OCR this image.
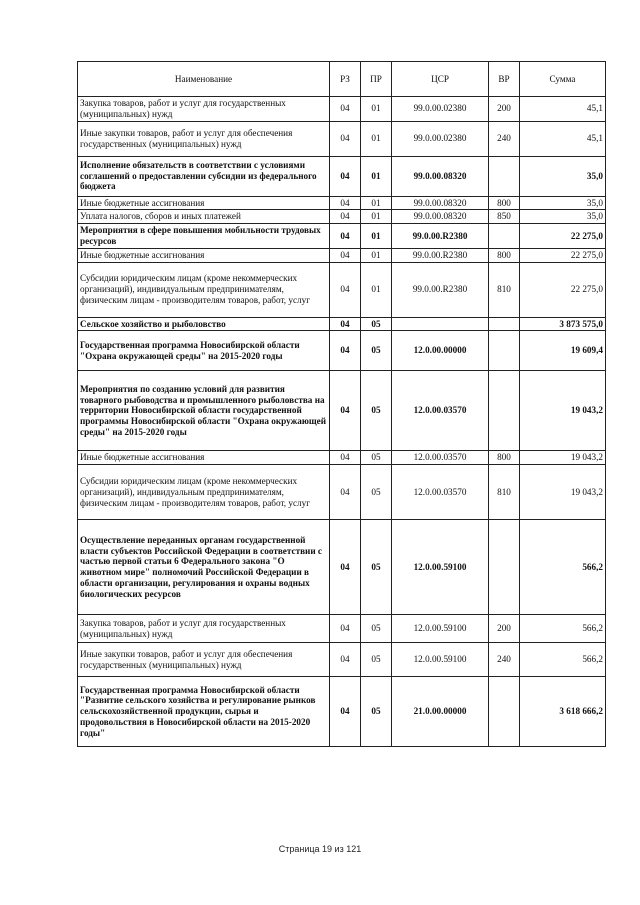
Наименование	РЗ	ПР	ЦСР	ВР	Сумма
Закупка товаров, работ и услуг для государственных (муниципальных) нужд	04	01	99.0.00.02380	200	45,1
Иные закупки товаров, работ и услуг для обеспечения государственных (муниципальных) нужд	04	01	99.0.00.02380	240	45,1
Исполнение обязательств в соответствии с условиями соглашений о предоставлении субсидии из федерального бюджета	04	01	99.0.00.08320		35,0
Иные бюджетные ассигнования	04	01	99.0.00.08320	800	35,0
Уплата налогов, сборов и иных платежей	04	01	99.0.00.08320	850	35,0
Мероприятия в сфере повышения мобильности трудовых ресурсов	04	01	99.0.00.R2380		22 275,0
Иные бюджетные ассигнования	04	01	99.0.00.R2380	800	22 275,0
Субсидии юридическим лицам (кроме некоммерческих организаций), индивидуальным предпринимателям, физическим лицам - производителям товаров, работ, услуг	04	01	99.0.00.R2380	810	22 275,0
Сельское хозяйство и рыболовство	04	05			3 873 575,0
Государственная программа Новосибирской области "Охрана окружающей среды" на 2015-2020 годы	04	05	12.0.00.00000		19 609,4
Мероприятия по созданию условий для развития товарного рыбоводства и промышленного рыболовства на территории Новосибирской области государственной программы Новосибирской области "Охрана окружающей среды" на 2015-2020 годы	04	05	12.0.00.03570		19 043,2
Иные бюджетные ассигнования	04	05	12.0.00.03570	800	19 043,2
Субсидии юридическим лицам (кроме некоммерческих организаций), индивидуальным предпринимателям, физическим лицам - производителям товаров, работ, услуг	04	05	12.0.00.03570	810	19 043,2
Осуществление переданных органам государственной власти субъектов Российской Федерации в соответствии с частью первой статьи 6 Федерального закона "О животном мире" полномочий Российской Федерации в области организации, регулирования и охраны водных биологических ресурсов	04	05	12.0.00.59100		566,2
Закупка товаров, работ и услуг для государственных (муниципальных) нужд	04	05	12.0.00.59100	200	566,2
Иные закупки товаров, работ и услуг для обеспечения государственных (муниципальных) нужд	04	05	12.0.00.59100	240	566,2
Государственная программа Новосибирской области "Развитие сельского хозяйства и регулирование рынков сельскохозяйственной продукции, сырья и продовольствия в Новосибирской области на 2015-2020 годы"	04	05	21.0.00.00000		3 618 666,2
Страница 19 из 121
